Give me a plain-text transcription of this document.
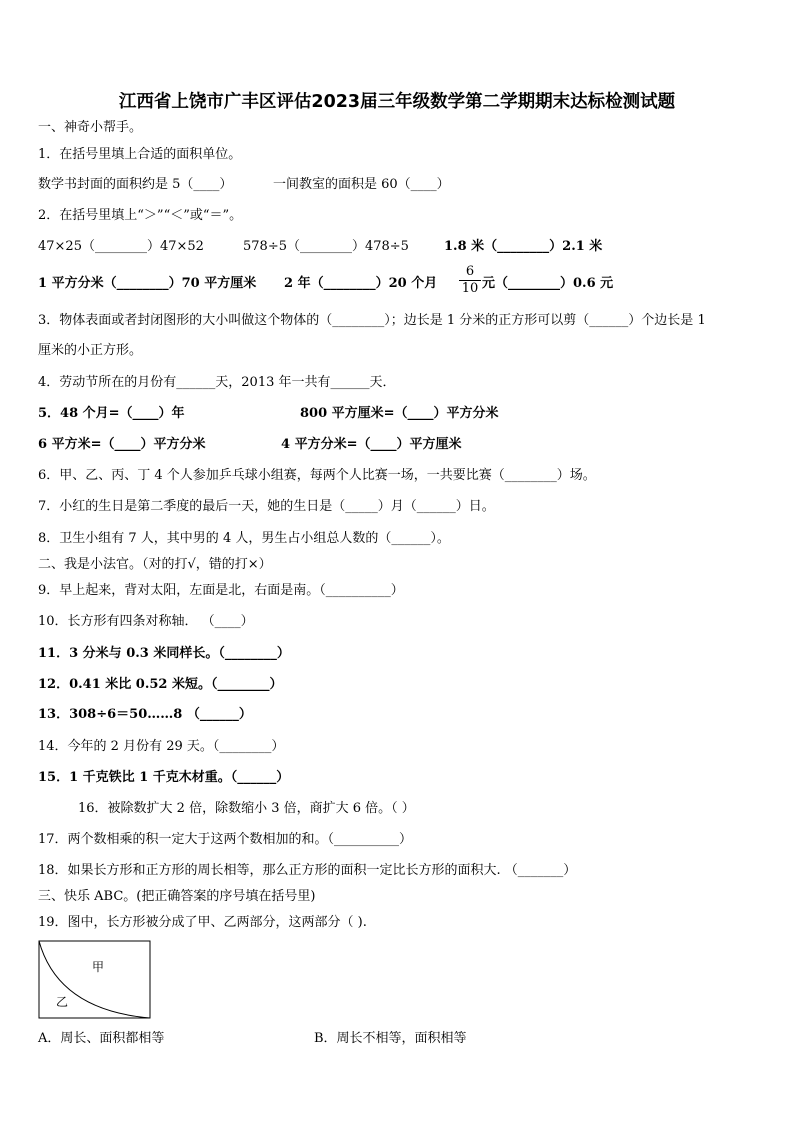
江西省上饶市广丰区评估2023届三年级数学第二学期期末达标检测试题
一、神奇小帮手。
1．在括号里填上合适的面积单位。
数学书封面的面积约是 5（____）	一间教室的面积是 60（____）
2．在括号里填上“＞”“＜”或“＝”。
47×25（________）47×52	578÷5（________）478÷5	1.8 米（________）2.1 米
1 平方分米（________）70 平方厘米 2 年（________）20 个月
6
10 元（________）0.6 元
3．物体表面或者封闭图形的大小叫做这个物体的（________）；边长是 1 分米的正方形可以剪（______）个边长是 1
厘米的小正方形。
4．劳动节所在的月份有______天，2013 年一共有______天．
5．48 个月=（____）年	800 平方厘米=（____）平方分米
6 平方米=（____）平方分米	4 平方分米=（____）平方厘米
6．甲、乙、丙、丁 4 个人参加乒乓球小组赛，每两个人比赛一场，一共要比赛（________）场。
7．小红的生日是第二季度的最后一天，她的生日是（_____）月（______）日。
8．卫生小组有 7 人，其中男的 4 人，男生占小组总人数的（______）。
二、我是小法官。（对的打√，错的打×）
9．早上起来，背对太阳，左面是北，右面是南。（__________）
10．长方形有四条对称轴． （____）
11．3 分米与 0.3 米同样长。（________）
12．0.41 米比 0.52 米短。（________）
13．308÷6＝50……8 （______）
14．今年的 2 月份有 29 天。（________）
15．1 千克铁比 1 千克木材重。（______）
16．被除数扩大 2 倍，除数缩小 3 倍，商扩大 6 倍。（ ）
17．两个数相乘的积一定大于这两个数相加的和。（__________）
18．如果长方形和正方形的周长相等，那么正方形的面积一定比长方形的面积大. （_______）
三、快乐 ABC。(把正确答案的序号填在括号里)
19．图中，长方形被分成了甲、乙两部分，这两部分（ ).
甲
乙
A．周长、面积都相等	B．周长不相等，面积相等
